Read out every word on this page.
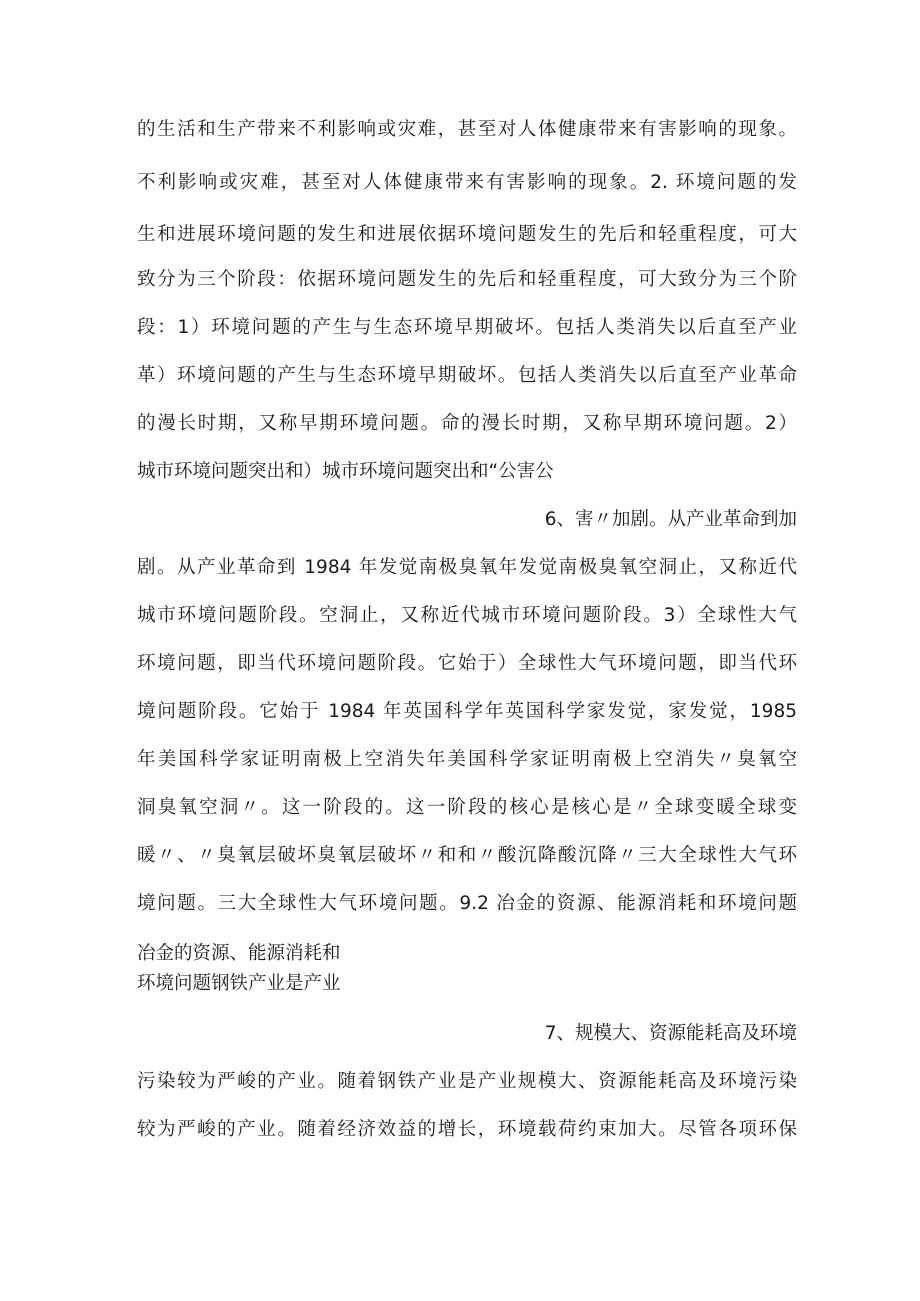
的生活和生产带来不利影响或灾难，甚至对人体健康带来有害影响的现象。
不利影响或灾难，甚至对人体健康带来有害影响的现象。2. 环境问题的发
生和进展环境问题的发生和进展依据环境问题发生的先后和轻重程度，可大
致分为三个阶段：依据环境问题发生的先后和轻重程度，可大致分为三个阶
段：1）环境问题的产生与生态环境早期破坏。包括人类消失以后直至产业
革）环境问题的产生与生态环境早期破坏。包括人类消失以后直至产业革命
的漫长时期，又称早期环境问题。命的漫长时期，又称早期环境问题。2）
城市环境问题突出和）城市环境问题突出和“公害公
6、害〃加剧。从产业革命到加
剧。从产业革命到 1984 年发觉南极臭氧年发觉南极臭氧空洞止，又称近代
城市环境问题阶段。空洞止，又称近代城市环境问题阶段。3）全球性大气
环境问题，即当代环境问题阶段。它始于）全球性大气环境问题，即当代环
境问题阶段。它始于 1984 年英国科学年英国科学家发觉，家发觉，1985
年美国科学家证明南极上空消失年美国科学家证明南极上空消失〃臭氧空
洞臭氧空洞〃。这一阶段的。这一阶段的核心是核心是〃全球变暖全球变
暖〃、〃臭氧层破坏臭氧层破坏〃和和〃酸沉降酸沉降〃三大全球性大气环
境问题。三大全球性大气环境问题。9.2 冶金的资源、能源消耗和环境问题
冶金的资源、能源消耗和
环境问题钢铁产业是产业
7、规模大、资源能耗高及环境
污染较为严峻的产业。随着钢铁产业是产业规模大、资源能耗高及环境污染
较为严峻的产业。随着经济效益的增长，环境载荷约束加大。尽管各项环保
